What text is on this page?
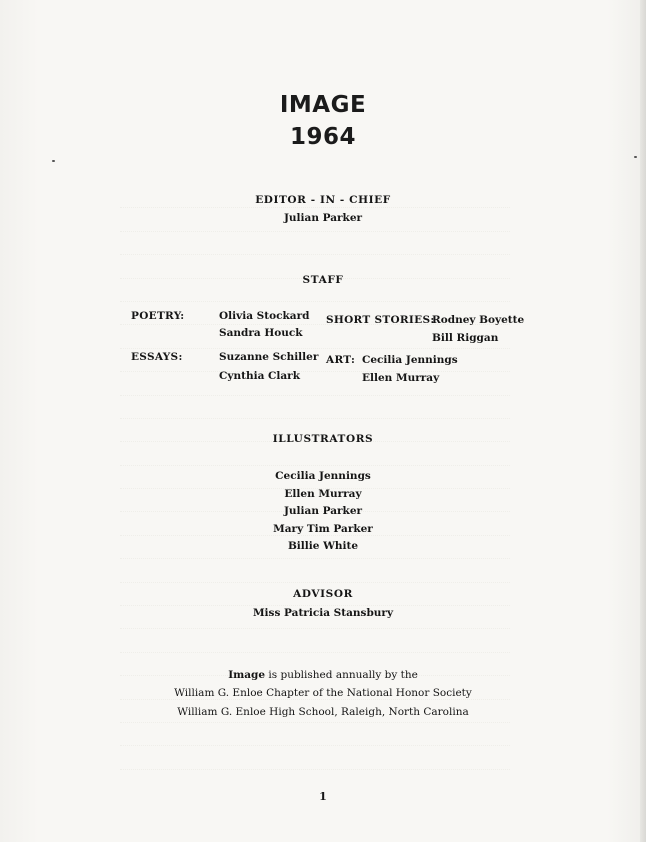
IMAGE
1964
EDITOR - IN - CHIEF
Julian Parker
STAFF
POETRY:	Olivia Stockard
Sandra Houck
SHORT STORIES:
Rodney Boyette
Bill Riggan
ESSAYS:	Suzanne Schiller
Cynthia Clark
ART: Cecilia Jennings
Ellen Murray
ILLUSTRATORS
Cecilia Jennings
Ellen Murray
Julian Parker
Mary Tim Parker
Billie White
ADVISOR
Miss Patricia Stansbury
Image is published annually by the
William G. Enloe Chapter of the National Honor Society
William G. Enloe High School, Raleigh, North Carolina
1
